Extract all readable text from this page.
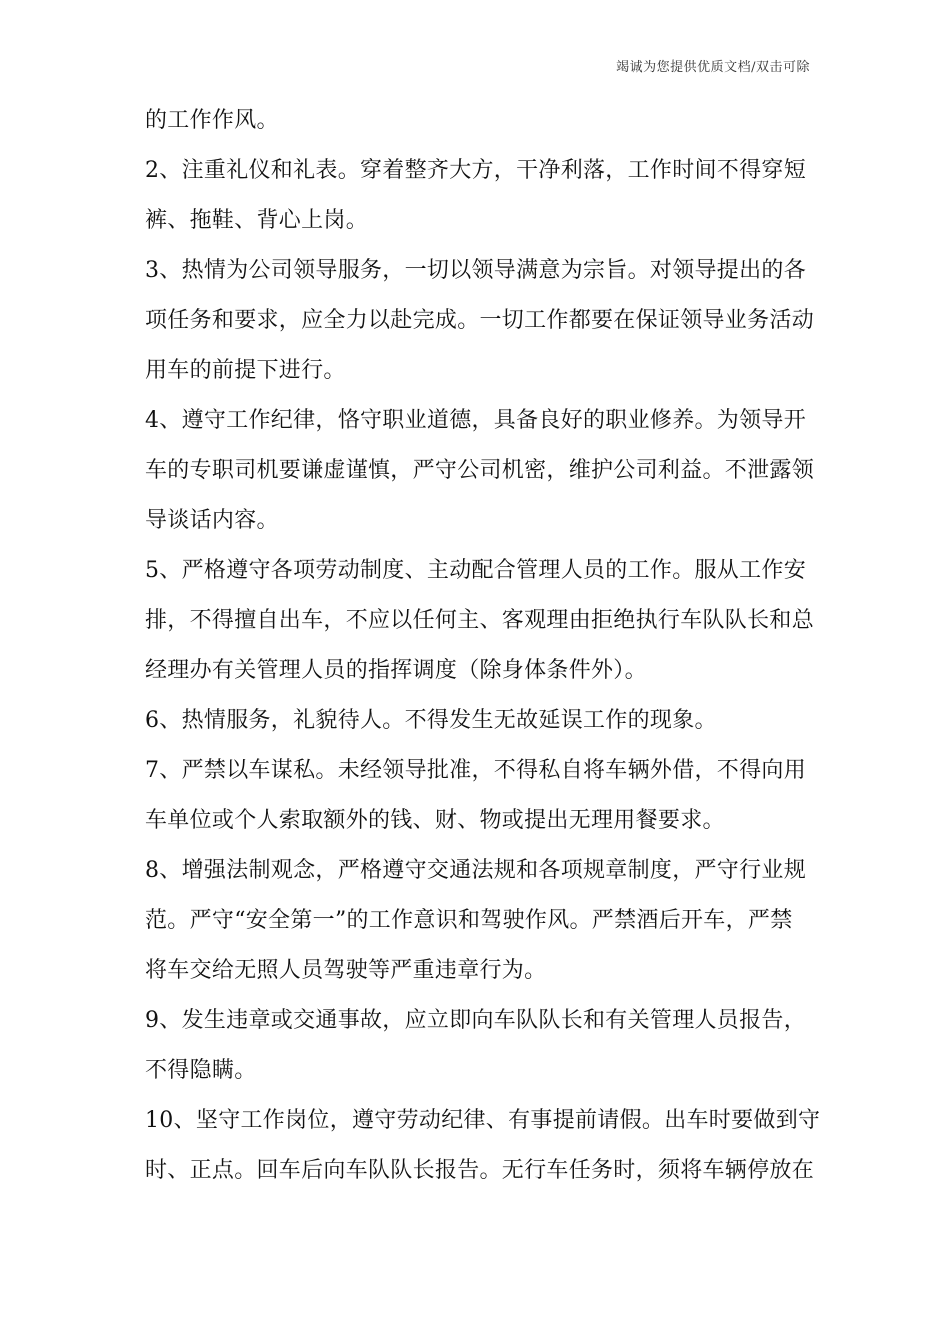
竭诚为您提供优质文档/双击可除
的工作作风。
2、注重礼仪和礼表。穿着整齐大方，干净利落，工作时间不得穿短
裤、拖鞋、背心上岗。
3、热情为公司领导服务，一切以领导满意为宗旨。对领导提出的各
项任务和要求，应全力以赴完成。一切工作都要在保证领导业务活动
用车的前提下进行。
4、遵守工作纪律，恪守职业道德，具备良好的职业修养。为领导开
车的专职司机要谦虚谨慎，严守公司机密，维护公司利益。不泄露领
导谈话内容。
5、严格遵守各项劳动制度、主动配合管理人员的工作。服从工作安
排，不得擅自出车，不应以任何主、客观理由拒绝执行车队队长和总
经理办有关管理人员的指挥调度（除身体条件外）。
6、热情服务，礼貌待人。不得发生无故延误工作的现象。
7、严禁以车谋私。未经领导批准，不得私自将车辆外借，不得向用
车单位或个人索取额外的钱、财、物或提出无理用餐要求。
8、增强法制观念，严格遵守交通法规和各项规章制度，严守行业规
范。严守“安全第一”的工作意识和驾驶作风。严禁酒后开车，严禁
将车交给无照人员驾驶等严重违章行为。
9、发生违章或交通事故，应立即向车队队长和有关管理人员报告，
不得隐瞒。
10、坚守工作岗位，遵守劳动纪律、有事提前请假。出车时要做到守
时、正点。回车后向车队队长报告。无行车任务时，须将车辆停放在
